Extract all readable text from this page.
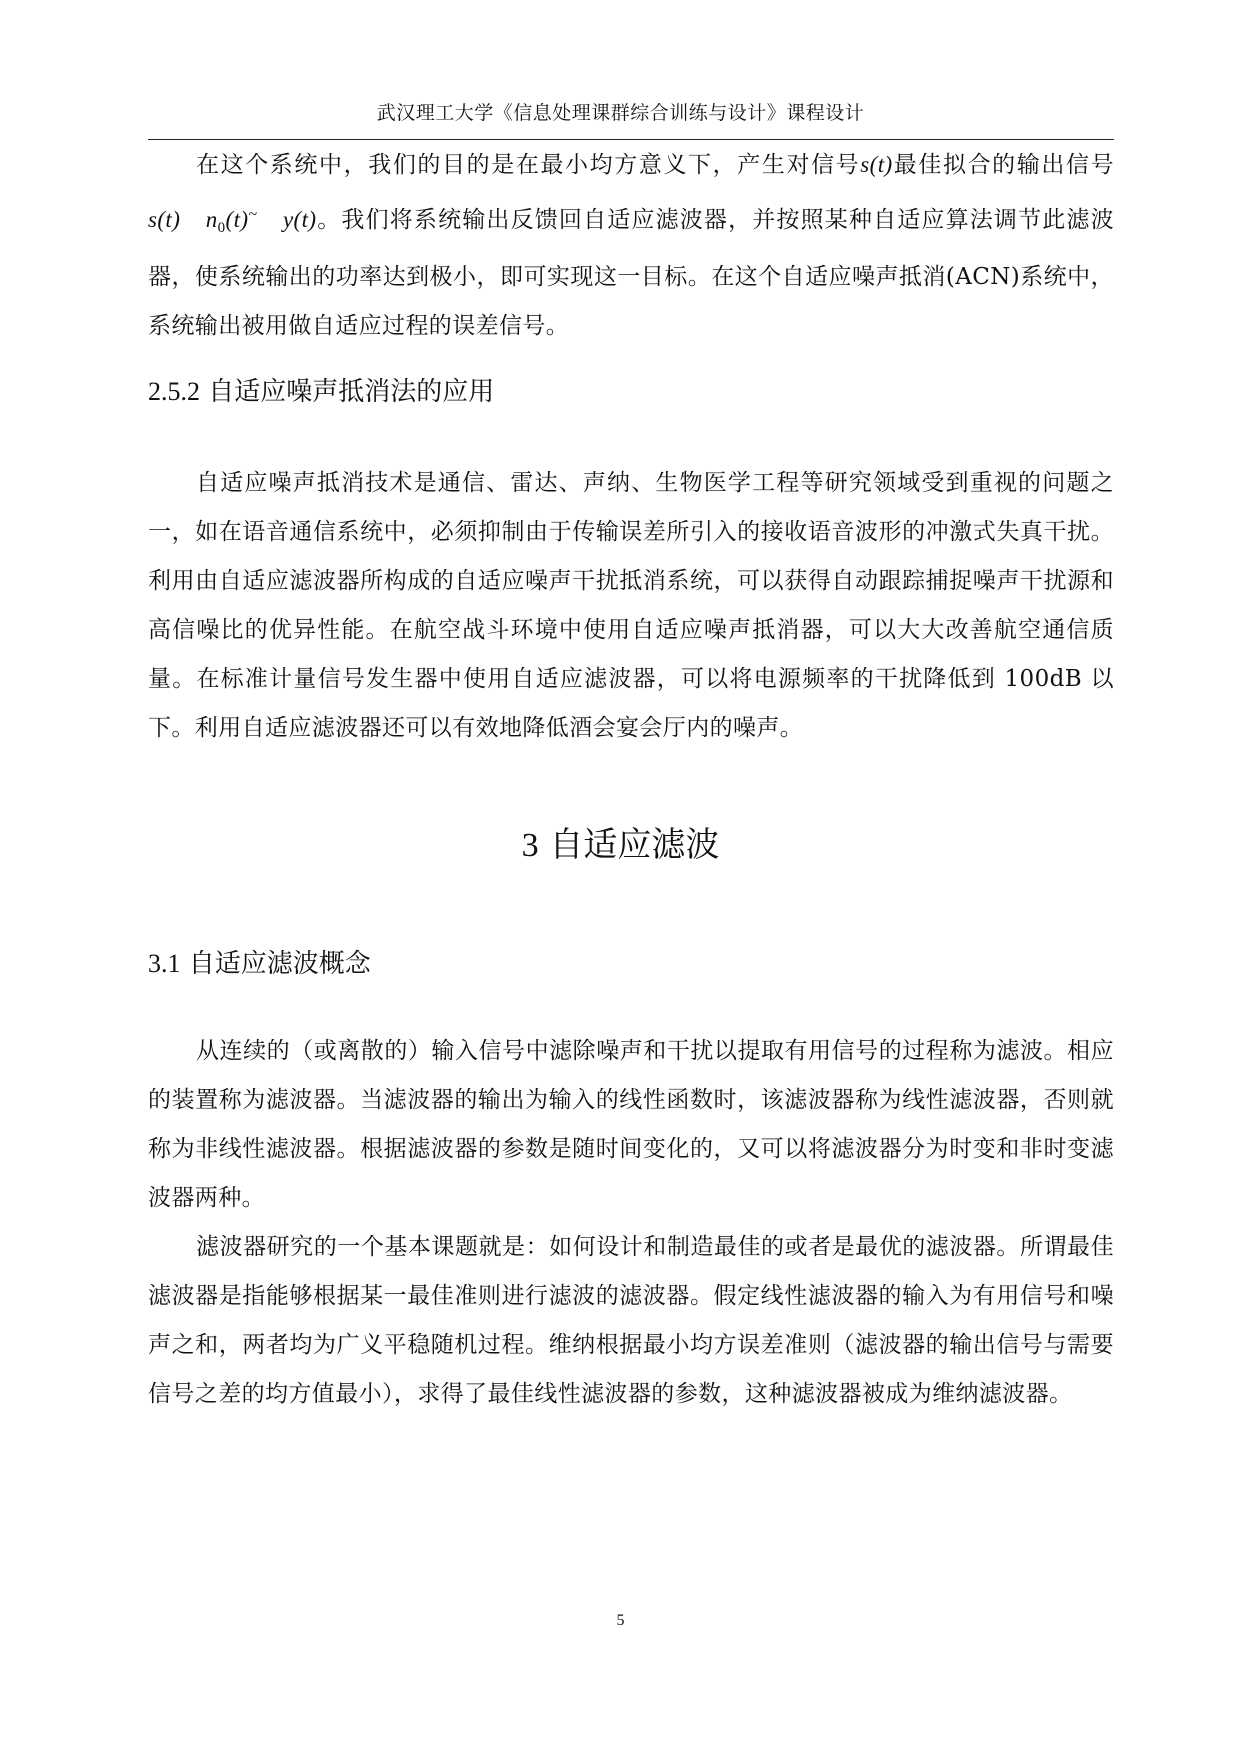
武汉理工大学《信息处理课群综合训练与设计》课程设计

在这个系统中，我们的目的是在最小均方意义下，产生对信号s(t)最佳拟合的输出信号s(t) $n_0(t)^\sim$ y(t)。我们将系统输出反馈回自适应滤波器，并按照某种自适应算法调节此滤波器，使系统输出的功率达到极小，即可实现这一目标。在这个自适应噪声抵消(ACN)系统中，系统输出被用做自适应过程的误差信号。

2.5.2 自适应噪声抵消法的应用

自适应噪声抵消技术是通信、雷达、声纳、生物医学工程等研究领域受到重视的问题之一，如在语音通信系统中，必须抑制由于传输误差所引入的接收语音波形的冲激式失真干扰。利用由自适应滤波器所构成的自适应噪声干扰抵消系统，可以获得自动跟踪捕捉噪声干扰源和高信噪比的优异性能。在航空战斗环境中使用自适应噪声抵消器，可以大大改善航空通信质量。在标准计量信号发生器中使用自适应滤波器，可以将电源频率的干扰降低到 100dB 以下。利用自适应滤波器还可以有效地降低酒会宴会厅内的噪声。

3 自适应滤波
3.1 自适应滤波概念

从连续的（或离散的）输入信号中滤除噪声和干扰以提取有用信号的过程称为滤波。相应的装置称为滤波器。当滤波器的输出为输入的线性函数时，该滤波器称为线性滤波器，否则就称为非线性滤波器。根据滤波器的参数是随时间变化的，又可以将滤波器分为时变和非时变滤波器两种。

滤波器研究的一个基本课题就是：如何设计和制造最佳的或者是最优的滤波器。所谓最佳滤波器是指能够根据某一最佳准则进行滤波的滤波器。假定线性滤波器的输入为有用信号和噪声之和，两者均为广义平稳随机过程。维纳根据最小均方误差准则（滤波器的输出信号与需要信号之差的均方值最小），求得了最佳线性滤波器的参数，这种滤波器被成为维纳滤波器。

5
